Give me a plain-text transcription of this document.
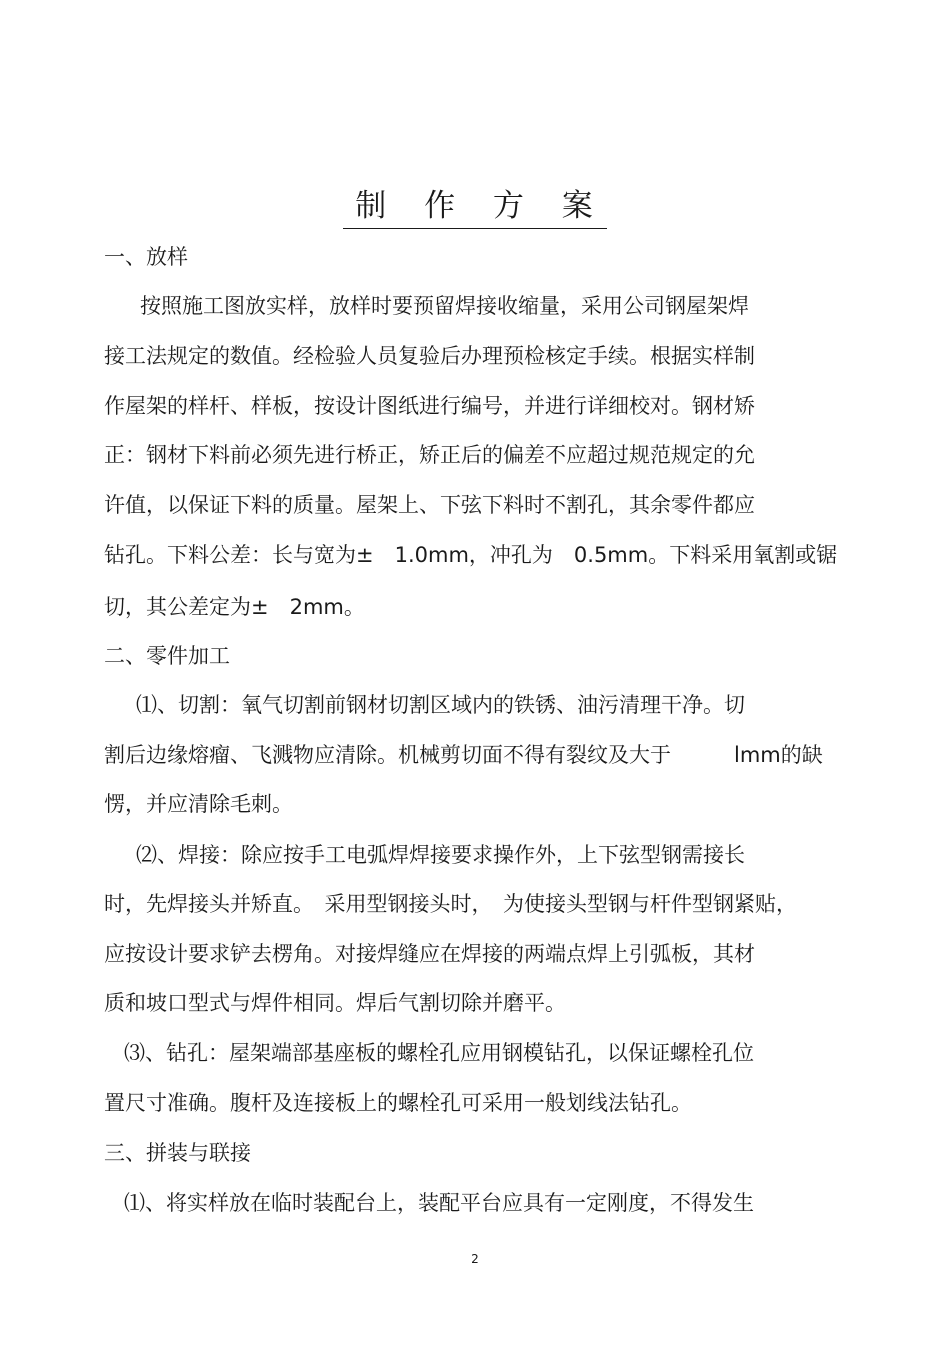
制 作 方 案
一、放样
按照施工图放实样，放样时要预留焊接收缩量，采用公司钢屋架焊
接工法规定的数值。经检验人员复验后办理预检核定手续。根据实样制
作屋架的样杆、样板，按设计图纸进行编号，并进行详细校对。钢材矫
正：钢材下料前必须先进行桥正，矫正后的偏差不应超过规范规定的允
许值，以保证下料的质量。屋架上、下弦下料时不割孔，其余零件都应
钻孔。下料公差：长与宽为±　1.0mm，冲孔为　0.5mm。下料采用氧割或锯
切，其公差定为±　2mm。
二、零件加工
⑴、切割：氧气切割前钢材切割区域内的铁锈、油污清理干净。切
割后边缘熔瘤、飞溅物应清除。机械剪切面不得有裂纹及大于　　　lmm的缺
愣，并应清除毛刺。
⑵、焊接：除应按手工电弧焊焊接要求操作外，上下弦型钢需接长
时，先焊接头并矫直。　采用型钢接头时，　为使接头型钢与杆件型钢紧贴，
应按设计要求铲去楞角。对接焊缝应在焊接的两端点焊上引弧板，其材
质和坡口型式与焊件相同。焊后气割切除并磨平。
⑶、钻孔：屋架端部基座板的螺栓孔应用钢模钻孔，以保证螺栓孔位
置尺寸准确。腹杆及连接板上的螺栓孔可采用一般划线法钻孔。
三、拼装与联接
⑴、将实样放在临时装配台上，装配平台应具有一定刚度，不得发生
2
